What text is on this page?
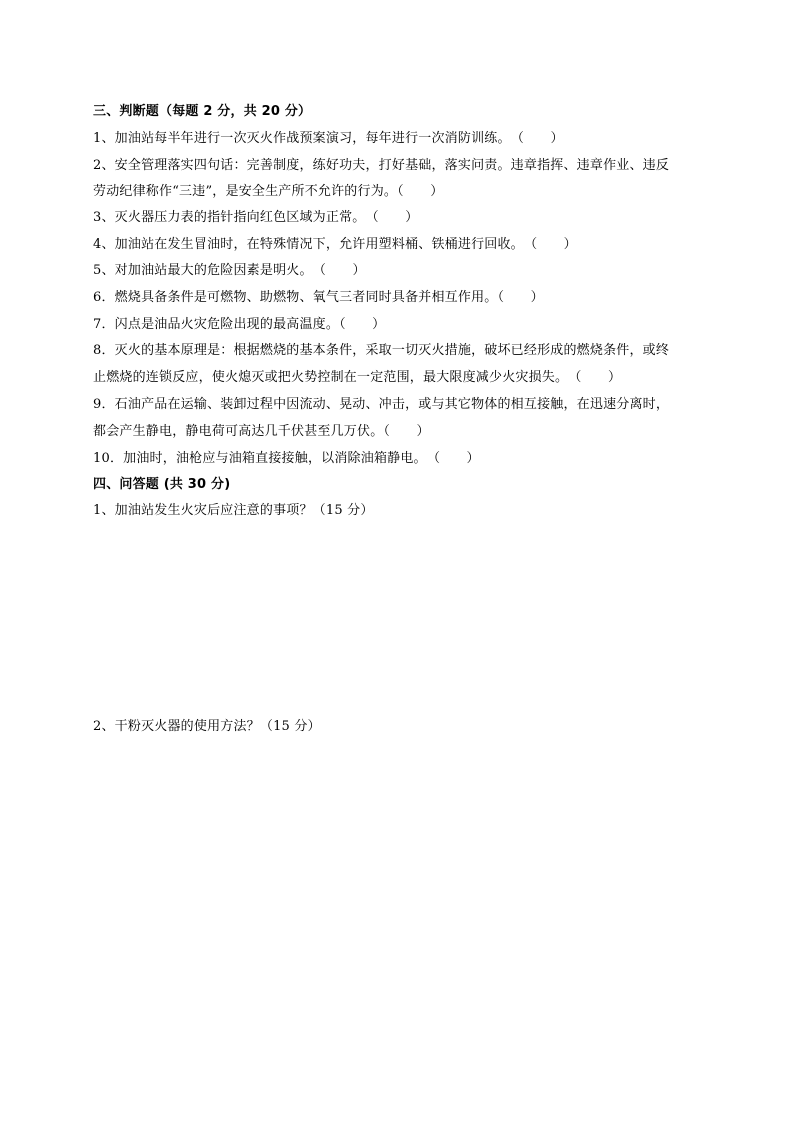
三、判断题（每题 2 分，共 20 分）
1、加油站每半年进行一次灭火作战预案演习，每年进行一次消防训练。　（　　）
2、安全管理落实四句话：完善制度，练好功夫，打好基础，落实问责。违章指挥、违章作业、违反
劳动纪律称作“三违”，是安全生产所不允许的行为。（　　）
3、灭火器压力表的指针指向红色区域为正常。　（　　）
4、加油站在发生冒油时，在特殊情况下，允许用塑料桶、铁桶进行回收。　（　　）
5、对加油站最大的危险因素是明火。　（　　）
6．燃烧具备条件是可燃物、助燃物、氧气三者同时具备并相互作用。（　　）
7．闪点是油品火灾危险出现的最高温度。（　　）
8．灭火的基本原理是：根据燃烧的基本条件，采取一切灭火措施，破坏已经形成的燃烧条件，或终
止燃烧的连锁反应，使火熄灭或把火势控制在一定范围，最大限度减少火灾损失。　（　　）
9．石油产品在运输、装卸过程中因流动、晃动、冲击，或与其它物体的相互接触，在迅速分离时，
都会产生静电，静电荷可高达几千伏甚至几万伏。（　　）
10．加油时，油枪应与油箱直接接触，以消除油箱静电。　（　　）
四、问答题 (共 30 分)
1、加油站发生火灾后应注意的事项？（15 分）
2、干粉灭火器的使用方法？（15 分）
